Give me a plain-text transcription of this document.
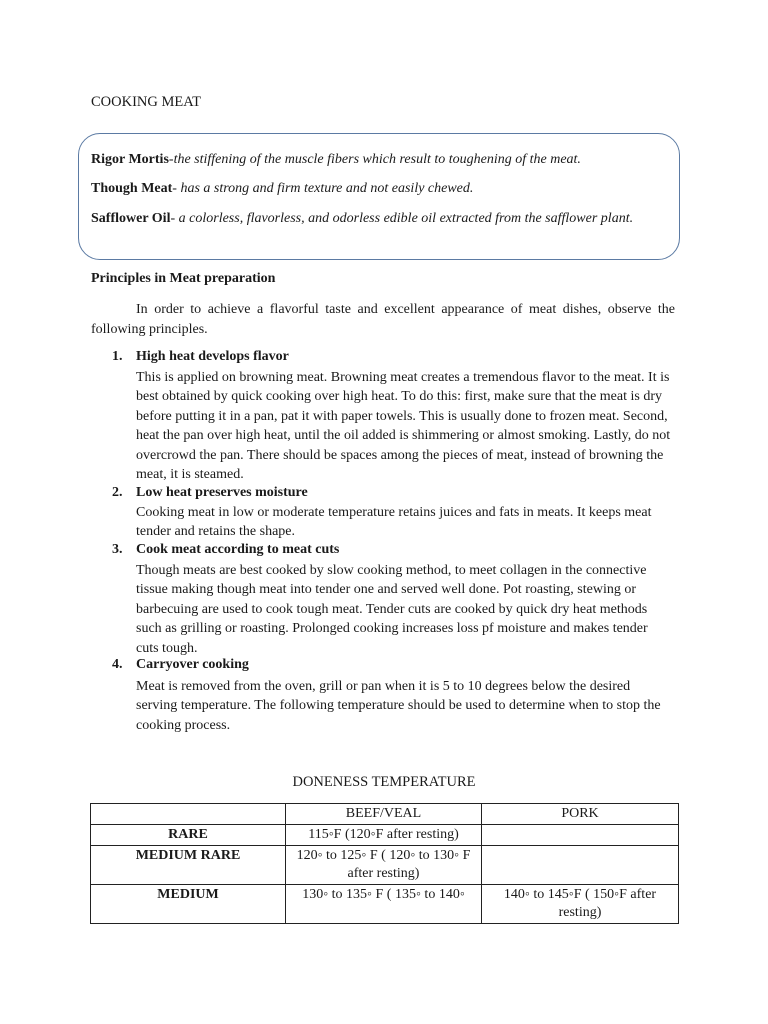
COOKING MEAT
Rigor Mortis-the stiffening of the muscle fibers which result to toughening of the meat.
Though Meat- has a strong and firm texture and not easily chewed.
Safflower Oil- a colorless, flavorless, and odorless edible oil extracted from the safflower plant.
Principles in Meat preparation
In order to achieve a flavorful taste and excellent appearance of meat dishes, observe the following principles.
1. High heat develops flavor
This is applied on browning meat. Browning meat creates a tremendous flavor to the meat. It is best obtained by quick cooking over high heat. To do this: first, make sure that the meat is dry before putting it in a pan, pat it with paper towels. This is usually done to frozen meat. Second, heat the pan over high heat, until the oil added is shimmering or almost smoking. Lastly, do not overcrowd the pan. There should be spaces among the pieces of meat, instead of browning the meat, it is steamed.
2. Low heat preserves moisture
Cooking meat in low or moderate temperature retains juices and fats in meats. It keeps meat tender and retains the shape.
3. Cook meat according to meat cuts
Though meats are best cooked by slow cooking method, to meet collagen in the connective tissue making though meat into tender one and served well done. Pot roasting, stewing or barbecuing are used to cook tough meat. Tender cuts are cooked by quick dry heat methods such as grilling or roasting. Prolonged cooking increases loss pf moisture and makes tender cuts tough.
4. Carryover cooking
Meat is removed from the oven, grill or pan when it is 5 to 10 degrees below the desired serving temperature. The following temperature should be used to determine when to stop the cooking process.
DONENESS TEMPERATURE
	BEEF/VEAL	PORK
RARE	115◦F (120◦F after resting)	
MEDIUM RARE	120◦ to 125◦ F ( 120◦ to 130◦ F after resting)	
MEDIUM	130◦ to 135◦ F ( 135◦ to 140◦	140◦ to 145◦F ( 150◦F after resting)
